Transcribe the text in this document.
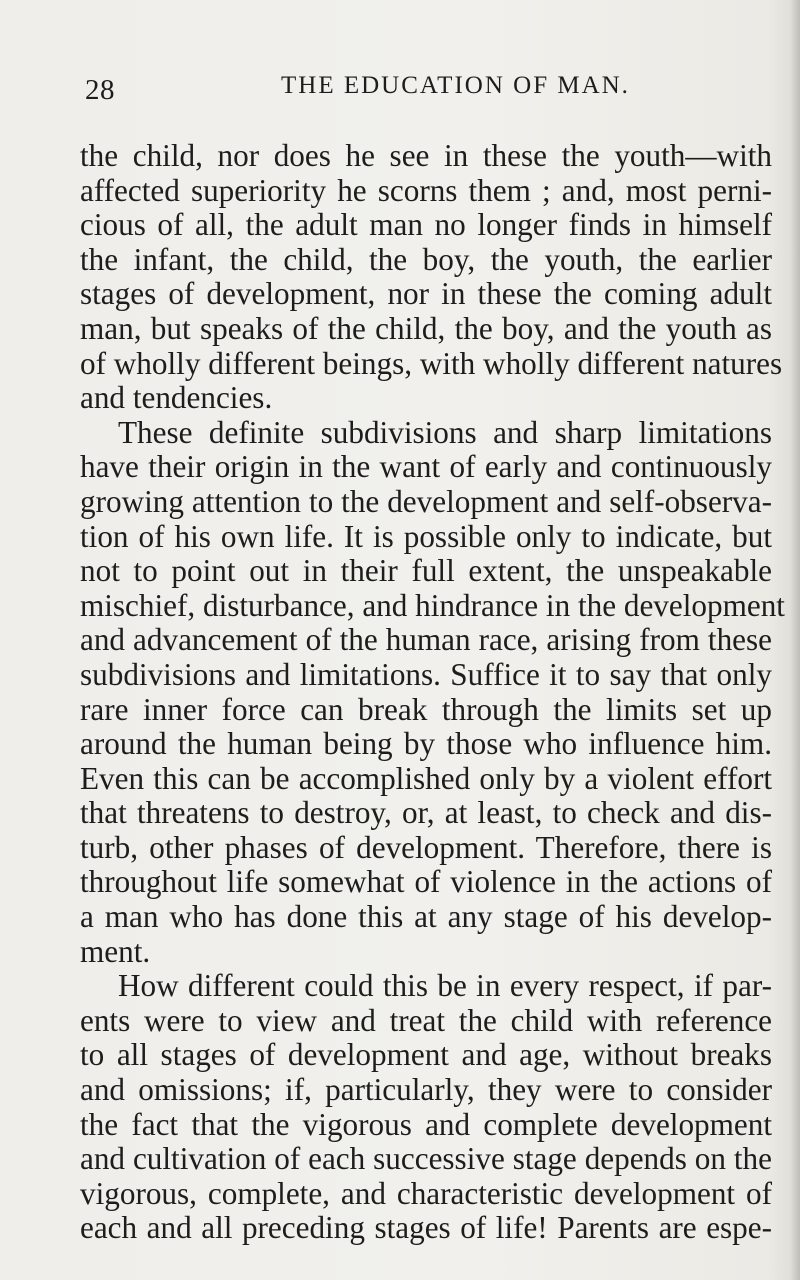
28	THE EDUCATION OF MAN.
the child, nor does he see in these the youth—with
affected superiority he scorns them ; and, most perni-
cious of all, the adult man no longer finds in himself
the infant, the child, the boy, the youth, the earlier
stages of development, nor in these the coming adult
man, but speaks of the child, the boy, and the youth as
of wholly different beings, with wholly different natures
and tendencies.
These definite subdivisions and sharp limitations
have their origin in the want of early and continuously
growing attention to the development and self-observa-
tion of his own life. It is possible only to indicate, but
not to point out in their full extent, the unspeakable
mischief, disturbance, and hindrance in the development
and advancement of the human race, arising from these
subdivisions and limitations. Suffice it to say that only
rare inner force can break through the limits set up
around the human being by those who influence him.
Even this can be accomplished only by a violent effort
that threatens to destroy, or, at least, to check and dis-
turb, other phases of development. Therefore, there is
throughout life somewhat of violence in the actions of
a man who has done this at any stage of his develop-
ment.
How different could this be in every respect, if par-
ents were to view and treat the child with reference
to all stages of development and age, without breaks
and omissions; if, particularly, they were to consider
the fact that the vigorous and complete development
and cultivation of each successive stage depends on the
vigorous, complete, and characteristic development of
each and all preceding stages of life! Parents are espe-
